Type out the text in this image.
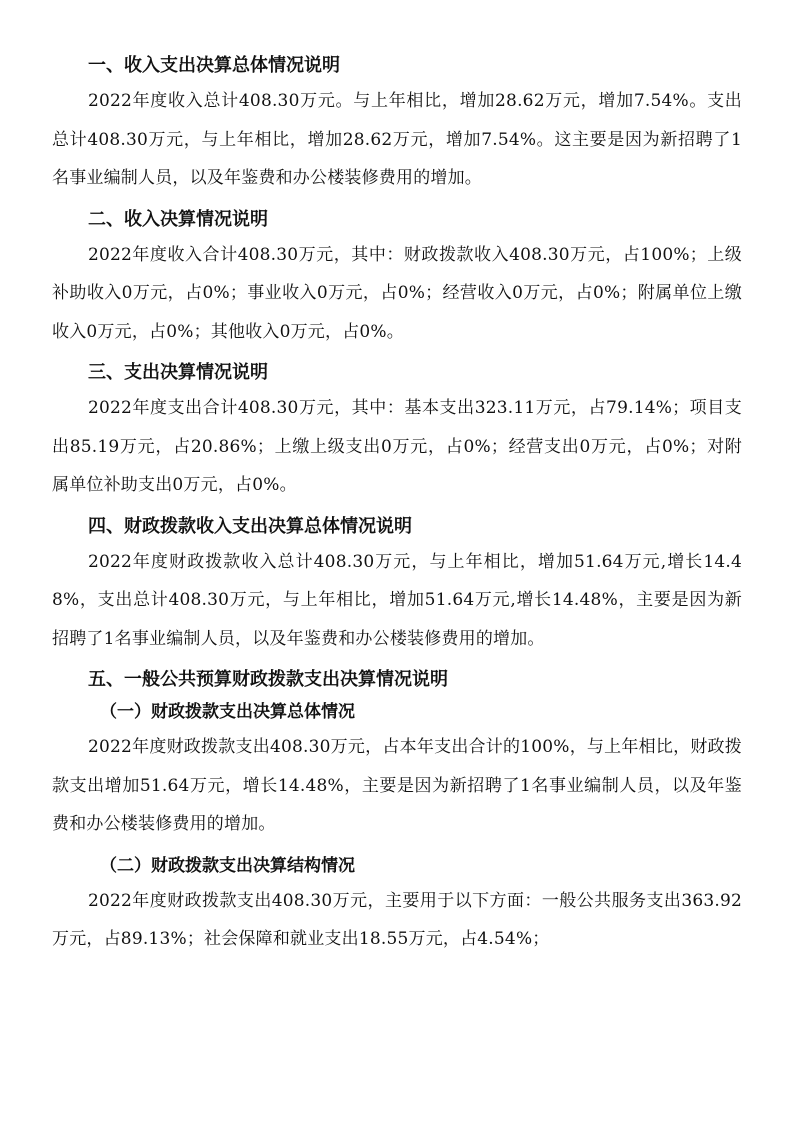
一、收入支出决算总体情况说明

2022年度收入总计408.30万元。与上年相比，增加28.62万元，增加7.54%。支出总计408.30万元，与上年相比，增加28.62万元，增加7.54%。这主要是因为新招聘了1名事业编制人员，以及年鉴费和办公楼装修费用的增加。

二、收入决算情况说明

2022年度收入合计408.30万元，其中：财政拨款收入408.30万元，占100%；上级补助收入0万元，占0%；事业收入0万元，占0%；经营收入0万元，占0%；附属单位上缴收入0万元，占0%；其他收入0万元，占0%。

三、支出决算情况说明

2022年度支出合计408.30万元，其中：基本支出323.11万元，占79.14%；项目支出85.19万元，占20.86%；上缴上级支出0万元，占0%；经营支出0万元，占0%；对附属单位补助支出0万元，占0%。

四、财政拨款收入支出决算总体情况说明

2022年度财政拨款收入总计408.30万元，与上年相比，增加51.64万元,增长14.48%，支出总计408.30万元，与上年相比，增加51.64万元,增长14.48%，主要是因为新招聘了1名事业编制人员，以及年鉴费和办公楼装修费用的增加。

五、一般公共预算财政拨款支出决算情况说明
（一）财政拨款支出决算总体情况

2022年度财政拨款支出408.30万元，占本年支出合计的100%，与上年相比，财政拨款支出增加51.64万元，增长14.48%，主要是因为新招聘了1名事业编制人员，以及年鉴费和办公楼装修费用的增加。

（二）财政拨款支出决算结构情况

2022年度财政拨款支出408.30万元，主要用于以下方面：一般公共服务支出363.92万元，占89.13%；社会保障和就业支出18.55万元，占4.54%；
